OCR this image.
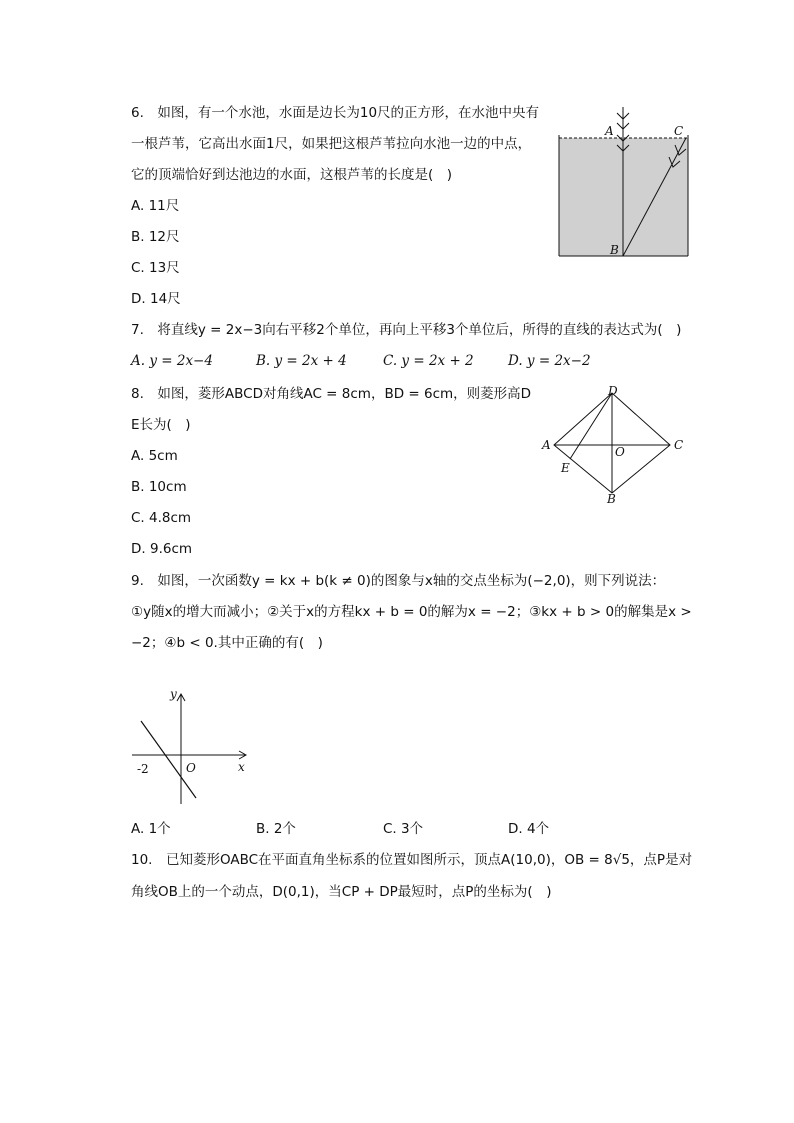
6.　如图，有一个水池，水面是边长为10尺的正方形，在水池中央有
一根芦苇，它高出水面1尺，如果把这根芦苇拉向水池一边的中点，
它的顶端恰好到达池边的水面，这根芦苇的长度是(　)
A. 11尺
B. 12尺
C. 13尺
D. 14尺
A	C
B
7.　将直线y = 2x−3向右平移2个单位，再向上平移3个单位后，所得的直线的表达式为(　)
A. y = 2x−4	B. y = 2x + 4	C. y = 2x + 2	D. y = 2x−2
8.　如图，菱形ABCD对角线AC = 8cm，BD = 6cm，则菱形高D
E长为(　)
A. 5cm
B. 10cm
C. 4.8cm
D. 9.6cm
D
A	C
O
E
B
9.　如图，一次函数y = kx + b(k ≠ 0)的图象与x轴的交点坐标为(−2,0)，则下列说法：
①y随x的增大而减小；②关于x的方程kx + b = 0的解为x = −2；③kx + b > 0的解集是x >
−2；④b < 0.其中正确的有(　)
y
x
O
-2
A. 1个	B. 2个	C. 3个	D. 4个
10.　已知菱形OABC在平面直角坐标系的位置如图所示，顶点A(10,0)，OB = 8√5，点P是对
角线OB上的一个动点，D(0,1)，当CP + DP最短时，点P的坐标为(　)
